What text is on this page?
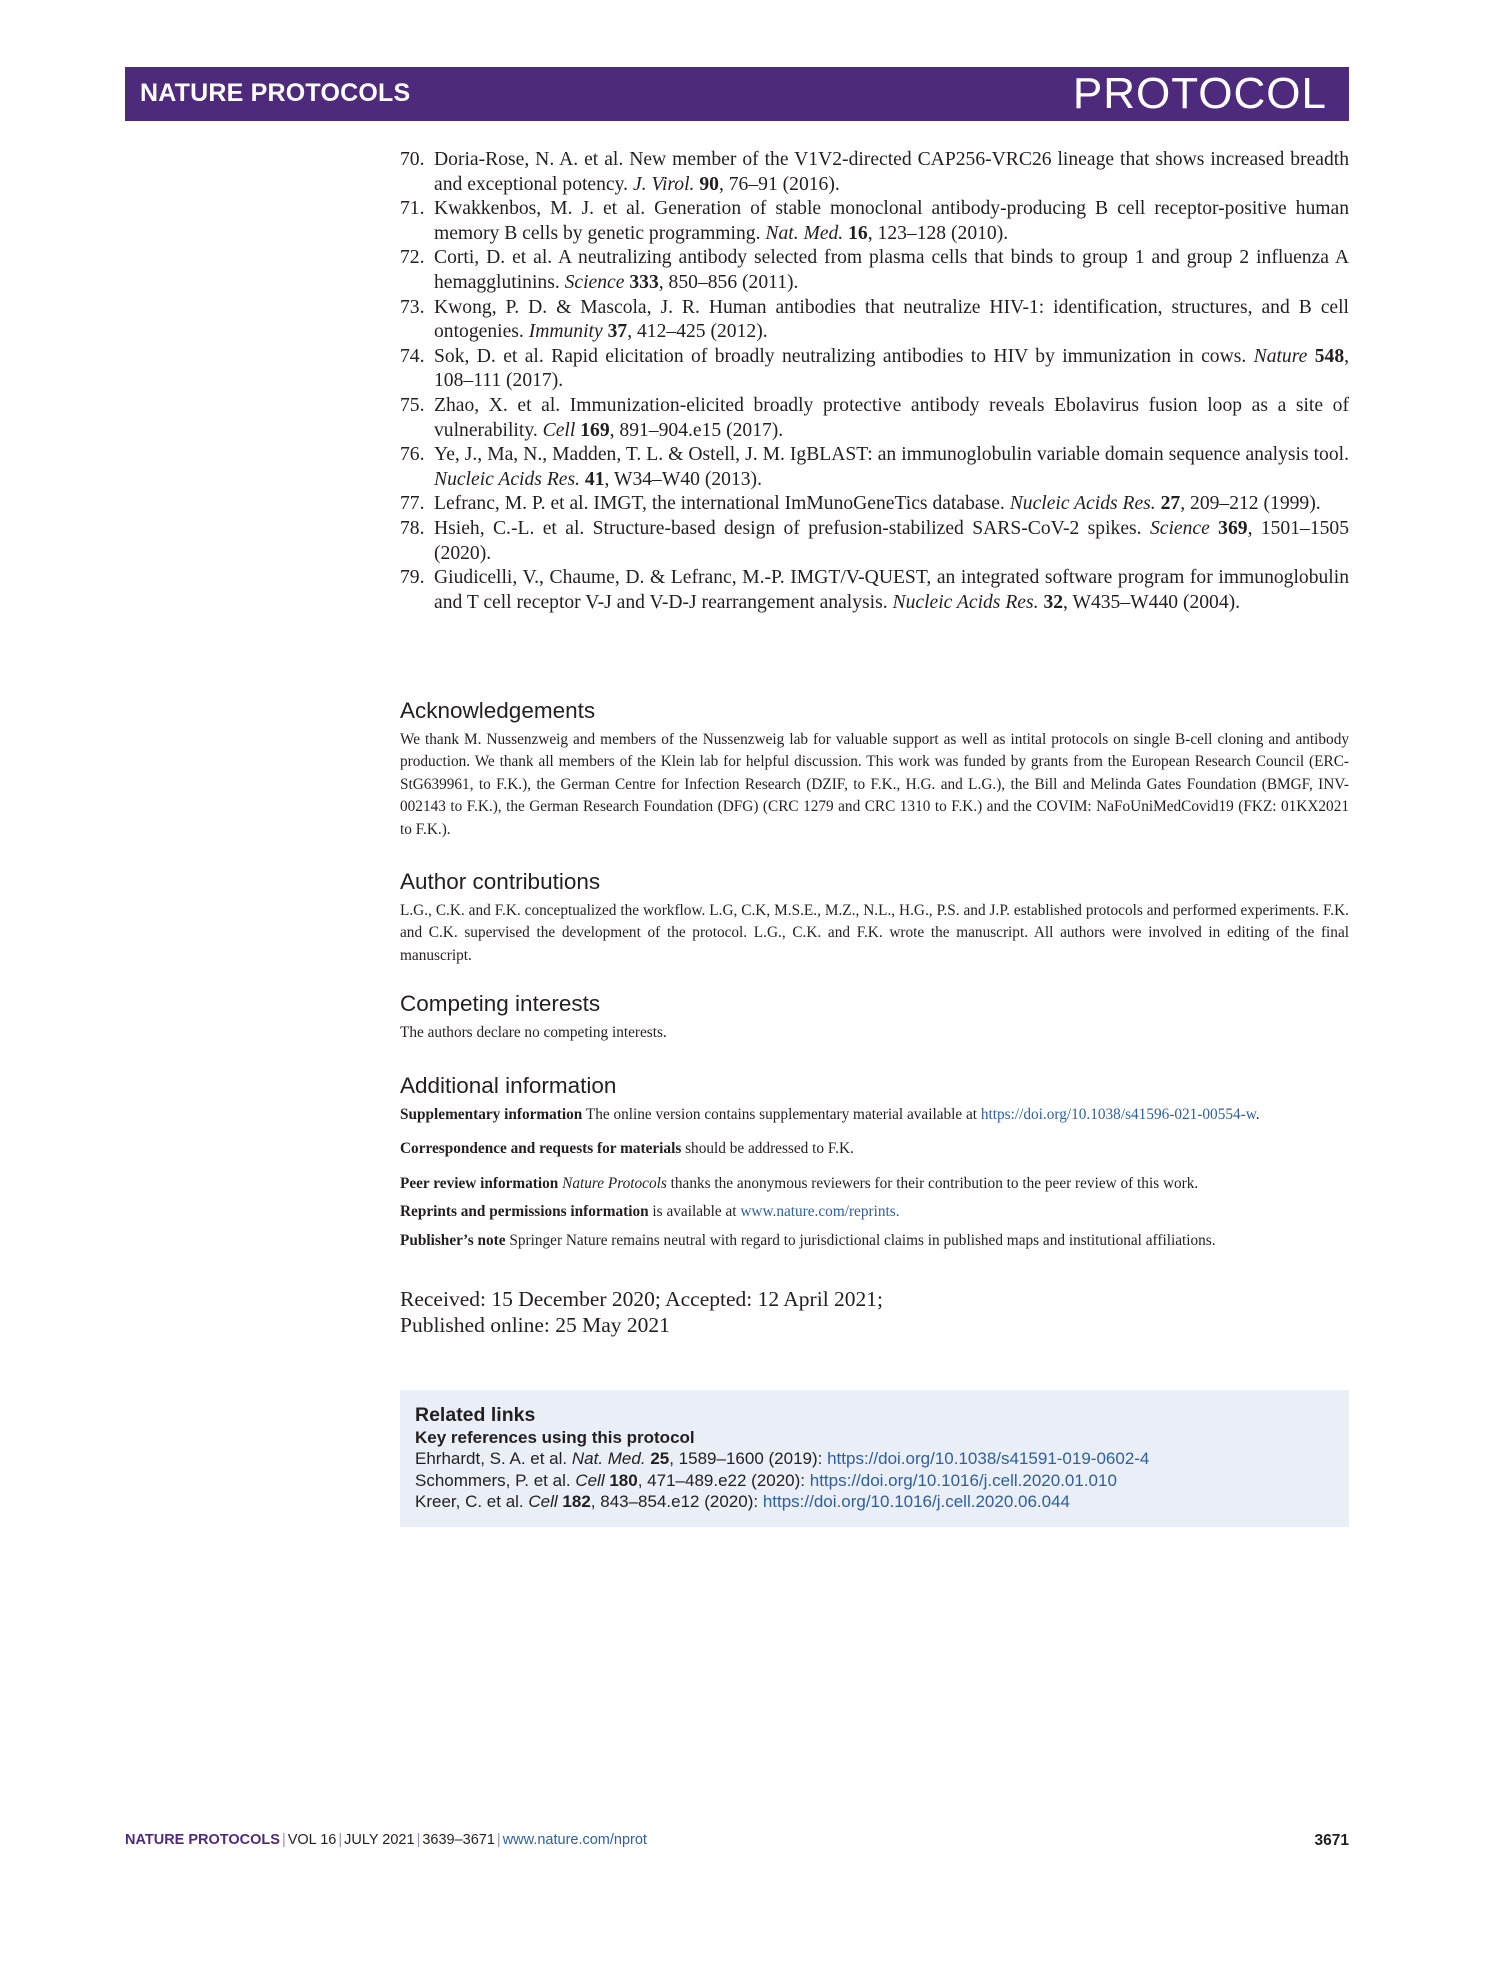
NATURE PROTOCOLS	PROTOCOL
70. Doria-Rose, N. A. et al. New member of the V1V2-directed CAP256-VRC26 lineage that shows increased breadth and exceptional potency. J. Virol. 90, 76–91 (2016).
71. Kwakkenbos, M. J. et al. Generation of stable monoclonal antibody-producing B cell receptor-positive human memory B cells by genetic programming. Nat. Med. 16, 123–128 (2010).
72. Corti, D. et al. A neutralizing antibody selected from plasma cells that binds to group 1 and group 2 influenza A hemagglutinins. Science 333, 850–856 (2011).
73. Kwong, P. D. & Mascola, J. R. Human antibodies that neutralize HIV-1: identification, structures, and B cell ontogenies. Immunity 37, 412–425 (2012).
74. Sok, D. et al. Rapid elicitation of broadly neutralizing antibodies to HIV by immunization in cows. Nature 548, 108–111 (2017).
75. Zhao, X. et al. Immunization-elicited broadly protective antibody reveals Ebolavirus fusion loop as a site of vulnerability. Cell 169, 891–904.e15 (2017).
76. Ye, J., Ma, N., Madden, T. L. & Ostell, J. M. IgBLAST: an immunoglobulin variable domain sequence analysis tool. Nucleic Acids Res. 41, W34–W40 (2013).
77. Lefranc, M. P. et al. IMGT, the international ImMunoGeneTics database. Nucleic Acids Res. 27, 209–212 (1999).
78. Hsieh, C.-L. et al. Structure-based design of prefusion-stabilized SARS-CoV-2 spikes. Science 369, 1501–1505 (2020).
79. Giudicelli, V., Chaume, D. & Lefranc, M.-P. IMGT/V-QUEST, an integrated software program for immunoglobulin and T cell receptor V-J and V-D-J rearrangement analysis. Nucleic Acids Res. 32, W435–W440 (2004).
Acknowledgements

We thank M. Nussenzweig and members of the Nussenzweig lab for valuable support as well as intital protocols on single B-cell cloning and antibody production. We thank all members of the Klein lab for helpful discussion. This work was funded by grants from the European Research Council (ERC-StG639961, to F.K.), the German Centre for Infection Research (DZIF, to F.K., H.G. and L.G.), the Bill and Melinda Gates Foundation (BMGF, INV-002143 to F.K.), the German Research Foundation (DFG) (CRC 1279 and CRC 1310 to F.K.) and the COVIM: NaFoUniMedCovid19 (FKZ: 01KX2021 to F.K.).

Author contributions

L.G., C.K. and F.K. conceptualized the workflow. L.G, C.K, M.S.E., M.Z., N.L., H.G., P.S. and J.P. established protocols and performed experiments. F.K. and C.K. supervised the development of the protocol. L.G., C.K. and F.K. wrote the manuscript. All authors were involved in editing of the final manuscript.

Competing interests

The authors declare no competing interests.

Additional information

Supplementary information The online version contains supplementary material available at https://doi.org/10.1038/s41596-021-00554-w.

Correspondence and requests for materials should be addressed to F.K.

Peer review information Nature Protocols thanks the anonymous reviewers for their contribution to the peer review of this work.

Reprints and permissions information is available at www.nature.com/reprints.

Publisher’s note Springer Nature remains neutral with regard to jurisdictional claims in published maps and institutional affiliations.

Received: 15 December 2020; Accepted: 12 April 2021;
Published online: 25 May 2021
Related links
Key references using this protocol
Ehrhardt, S. A. et al. Nat. Med. 25, 1589–1600 (2019): https://doi.org/10.1038/s41591-019-0602-4
Schommers, P. et al. Cell 180, 471–489.e22 (2020): https://doi.org/10.1016/j.cell.2020.01.010
Kreer, C. et al. Cell 182, 843–854.e12 (2020): https://doi.org/10.1016/j.cell.2020.06.044
NATURE PROTOCOLS | VOL 16 | JULY 2021 | 3639–3671 | www.nature.com/nprot	3671
